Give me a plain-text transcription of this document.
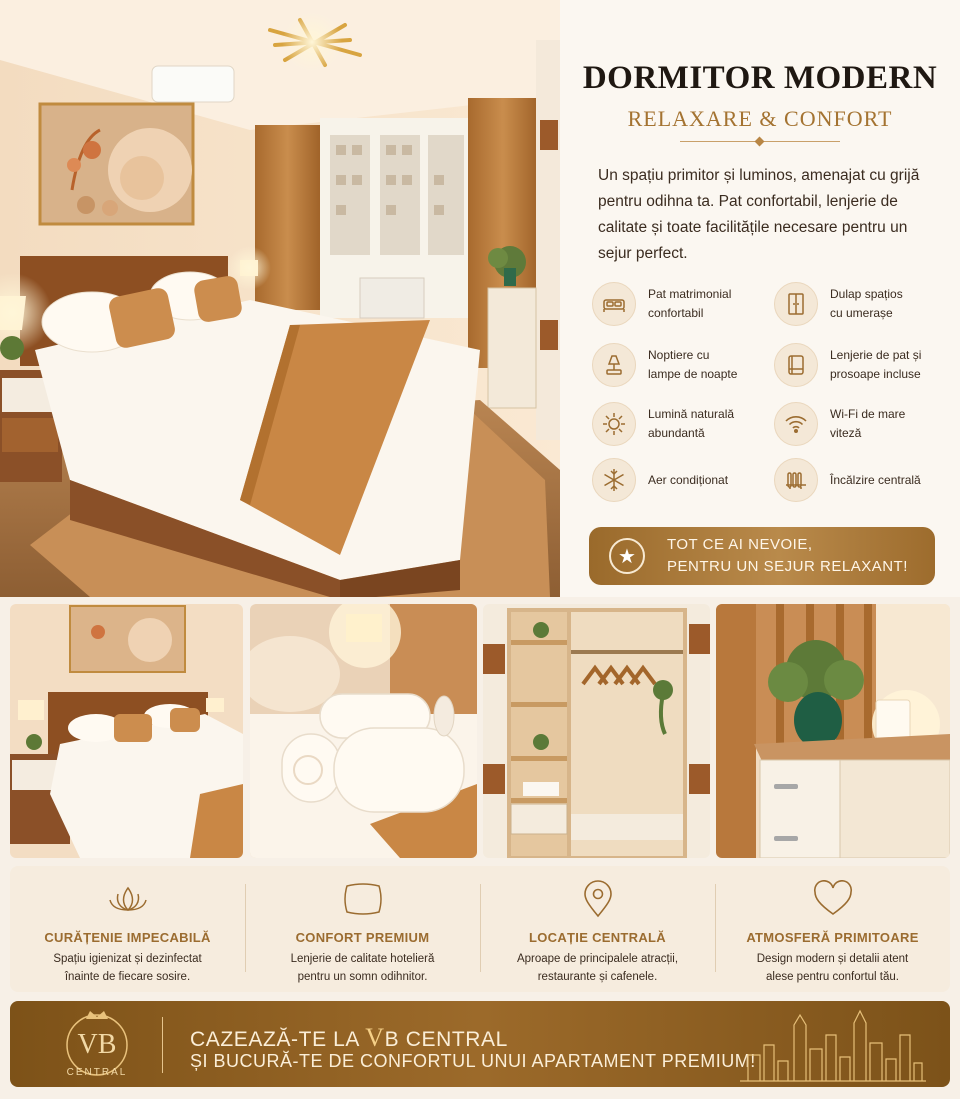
DORMITOR MODERN
RELAXARE & CONFORT
Un spațiu primitor și luminos, amenajat cu grijă pentru odihna ta. Pat confortabil, lenjerie de calitate și toate facilitățile necesare pentru un sejur perfect.
Pat matrimonial
confortabil
Dulap spațios
cu umerașe
Noptiere cu
lampe de noapte
Lenjerie de pat și
prosoape incluse
Lumină naturală
abundantă
Wi-Fi de mare
viteză
Aer condiționat	Încălzire centrală
★
TOT CE AI NEVOIE,
PENTRU UN SEJUR RELAXANT!
CURĂȚENIE IMPECABILĂ
Spațiu igienizat și dezinfectat
înainte de fiecare sosire.
CONFORT PREMIUM
Lenjerie de calitate hotelieră
pentru un somn odihnitor.
LOCAȚIE CENTRALĂ
Aproape de principalele atracții,
restaurante și cafenele.
ATMOSFERĂ PRIMITOARE
Design modern și detalii atent
alese pentru confortul tău.
VB
CENTRAL
CAZEAZĂ-TE LA VB CENTRAL
ȘI BUCURĂ-TE DE CONFORTUL UNUI APARTAMENT PREMIUM!
